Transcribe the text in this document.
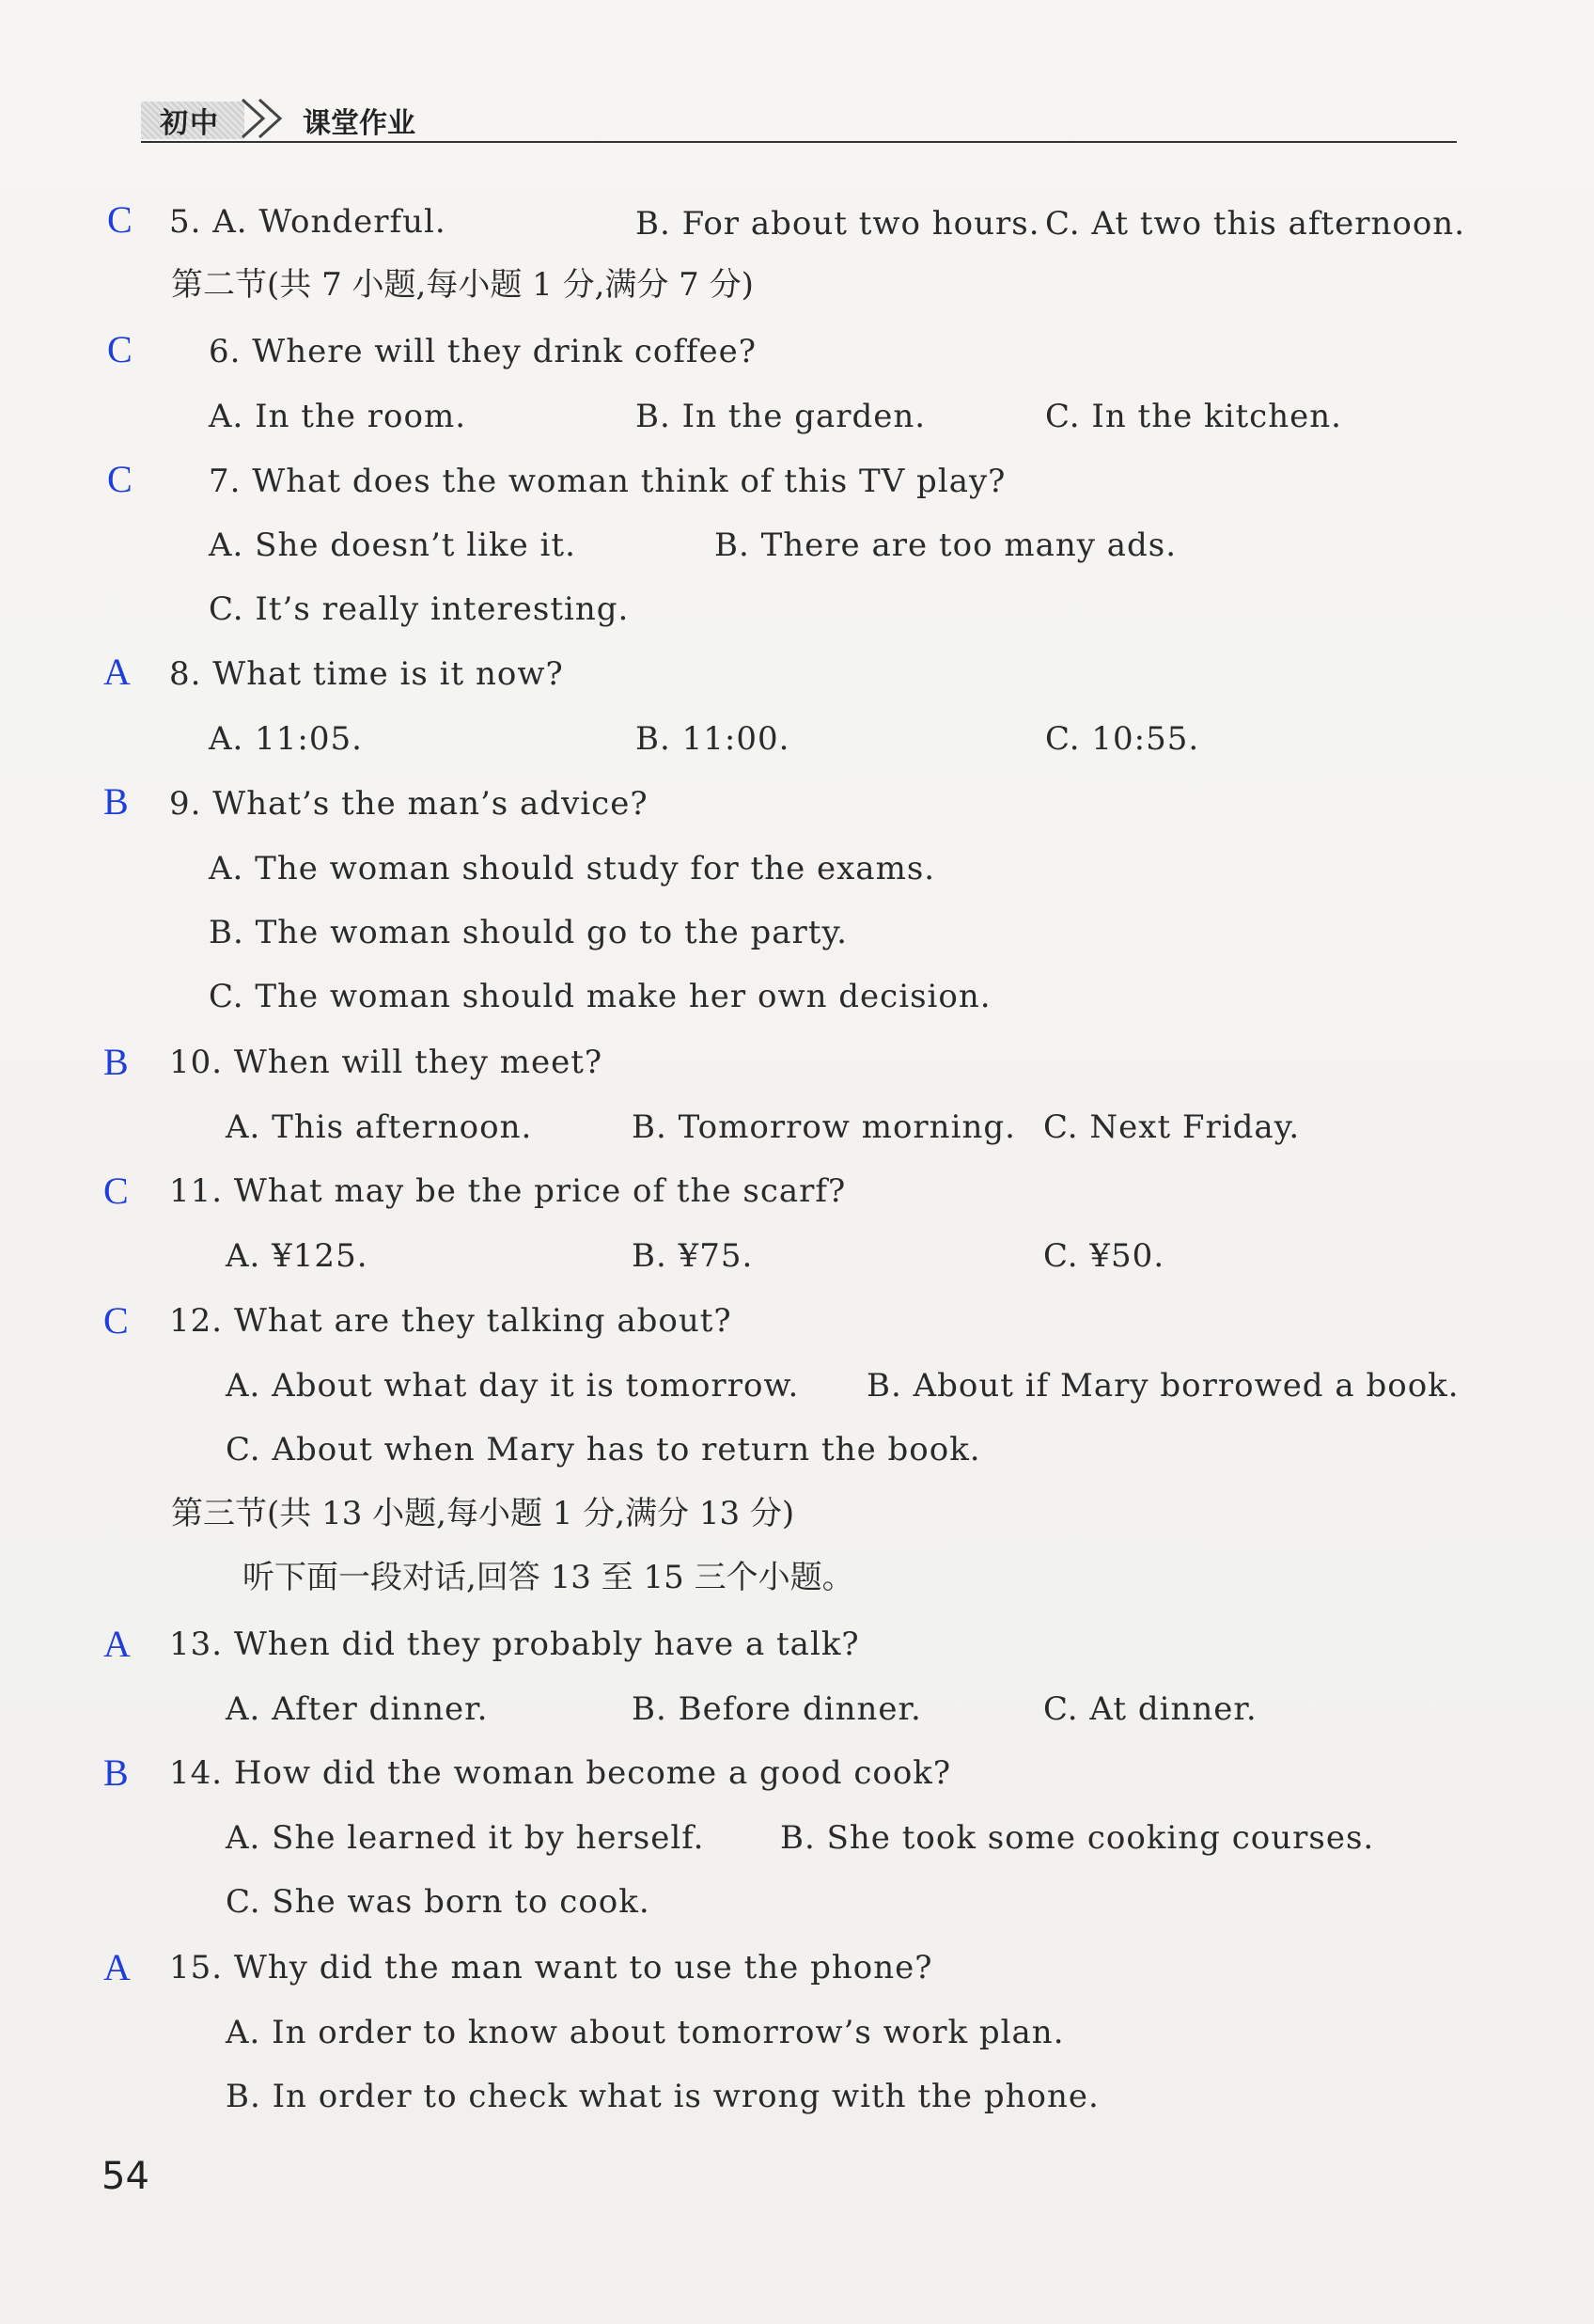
初中	课堂作业
C 5. A. Wonderful.	B. For about two hours. C. At two this afternoon.
第二节(共 7 小题,每小题 1 分,满分 7 分)
C 6. Where will they drink coffee?
A. In the room.	B. In the garden.	C. In the kitchen.
C 7. What does the woman think of this TV play?
A. She doesn’t like it.	B. There are too many ads.
C. It’s really interesting.
A 8. What time is it now?
A. 11:05.	B. 11:00.	C. 10:55.
B 9. What’s the man’s advice?
A. The woman should study for the exams.
B. The woman should go to the party.
C. The woman should make her own decision.
B 10. When will they meet?
A. This afternoon.	B. Tomorrow morning. C. Next Friday.
C 11. What may be the price of the scarf?
A. ¥125.	B. ¥75.	C. ¥50.
C 12. What are they talking about?
A. About what day it is tomorrow. B. About if Mary borrowed a book.
C. About when Mary has to return the book.
第三节(共 13 小题,每小题 1 分,满分 13 分)
听下面一段对话,回答 13 至 15 三个小题。
A 13. When did they probably have a talk?
A. After dinner.	B. Before dinner.	C. At dinner.
B 14. How did the woman become a good cook?
A. She learned it by herself. B. She took some cooking courses.
C. She was born to cook.
A 15. Why did the man want to use the phone?
A. In order to know about tomorrow’s work plan.
B. In order to check what is wrong with the phone.
54
